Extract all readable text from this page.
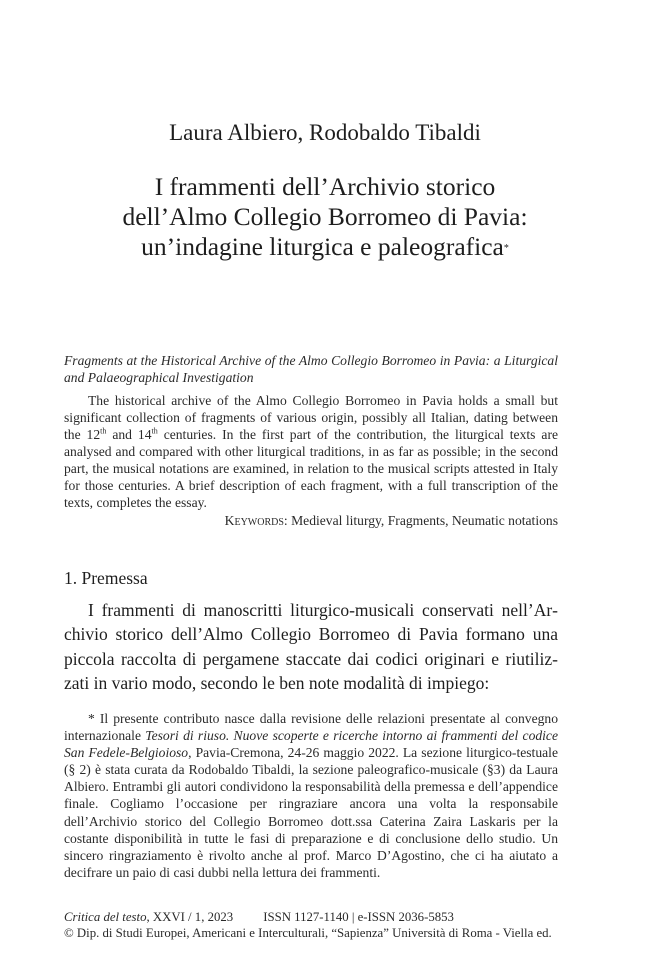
Laura Albiero, Rodobaldo Tibaldi
I frammenti dell’Archivio storico
dell’Almo Collegio Borromeo di Pavia:
un’indagine liturgica e paleografica*
Fragments at the Historical Archive of the Almo Collegio Borromeo in Pavia: a Liturgical and Palaeographical Investigation
The historical archive of the Almo Collegio Borromeo in Pavia holds a small but significant collection of fragments of various origin, possibly all Italian, dating between the 12th and 14th centuries. In the first part of the contribution, the liturgical texts are analysed and compared with other liturgical traditions, in as far as possible; in the second part, the musical notations are examined, in relation to the musical scripts attested in Italy for those centuries. A brief description of each fragment, with a full transcription of the texts, completes the essay.
Keywords: Medieval liturgy, Fragments, Neumatic notations
1. Premessa
I frammenti di manoscritti liturgico-musicali conservati nell’Archivio storico dell’Almo Collegio Borromeo di Pavia formano una piccola raccolta di pergamene staccate dai codici originari e riutilizzati in vario modo, secondo le ben note modalità di impiego:
* Il presente contributo nasce dalla revisione delle relazioni presentate al convegno internazionale Tesori di riuso. Nuove scoperte e ricerche intorno ai frammenti del codice San Fedele-Belgioioso, Pavia-Cremona, 24-26 maggio 2022. La sezione liturgico-testuale (§ 2) è stata curata da Rodobaldo Tibaldi, la sezione paleografico-musicale (§3) da Laura Albiero. Entrambi gli autori condividono la responsabilità della premessa e dell’appendice finale. Cogliamo l’occasione per ringraziare ancora una volta la responsabile dell’Archivio storico del Collegio Borromeo dott.ssa Caterina Zaira Laskaris per la costante disponibilità in tutte le fasi di preparazione e di conclusione dello studio. Un sincero ringraziamento è rivolto anche al prof. Marco D’Agostino, che ci ha aiutato a decifrare un paio di casi dubbi nella lettura dei frammenti.
Critica del testo, XXVI / 1, 2023 ISSN 1127-1140 | e-ISSN 2036-5853
© Dip. di Studi Europei, Americani e Interculturali, “Sapienza” Università di Roma - Viella ed.
